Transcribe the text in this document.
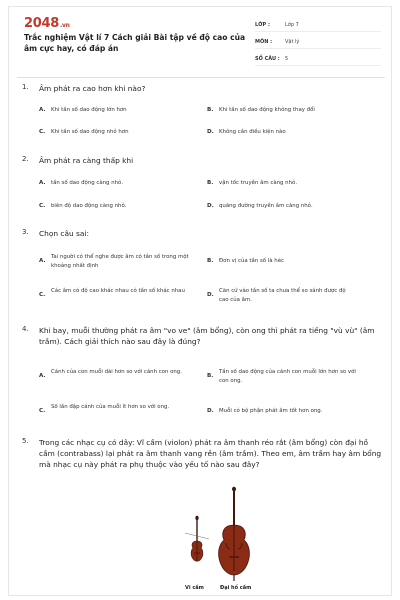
2048.vn
Trắc nghiệm Vật lí 7 Cách giải Bài tập về độ cao của âm cực hay, có đáp án
LỚP :	Lớp 7
MÔN :	Vật lý
SỐ CÂU :	5
1. Âm phát ra cao hơn khi nào?
A. Khi tần số dao động lớn hơn	B. Khi tần số dao động không thay đổi
C. Khi tần số dao động nhỏ hơn	D. Không cần điều kiện nào
2. Âm phát ra càng thấp khi
A. tần số dao động càng nhỏ.	B. vận tốc truyền âm càng nhỏ.
C. biên độ dao động càng nhỏ.	D. quãng đường truyền âm càng nhỏ.
3. Chọn câu sai:
A.
Tai người có thể nghe được âm có tần số trong một khoảng nhất định
B. Đơn vị của tần số là héc
C.
Các âm có độ cao khác nhau có tần số khác nhau
D.
Căn cứ vào tần số ta chưa thể so sánh được độ cao của âm.
4. Khi bay, muỗi thường phát ra âm "vo ve" (âm bổng), còn ong thì phát ra tiếng "vù vù" (âm trầm). Cách giải thích nào sau đây là đúng?
A.
Cánh của con muỗi dài hơn so với cánh con ong.
B.
Tần số dao động của cánh con muỗi lớn hơn so với con ong.
C.
Số lần đập cánh của muỗi ít hơn so với ong.
D. Muỗi có bộ phận phát âm tốt hơn ong.
5. Trong các nhạc cụ có dây: Vĩ cầm (violon) phát ra âm thanh réo rắt (âm bổng) còn đại hồ cầm (contrabass) lại phát ra âm thanh vang rền (âm trầm). Theo em, âm trầm hay âm bổng mà nhạc cụ này phát ra phụ thuộc vào yếu tố nào sau đây?
Vĩ cầm	Đại hồ cầm
